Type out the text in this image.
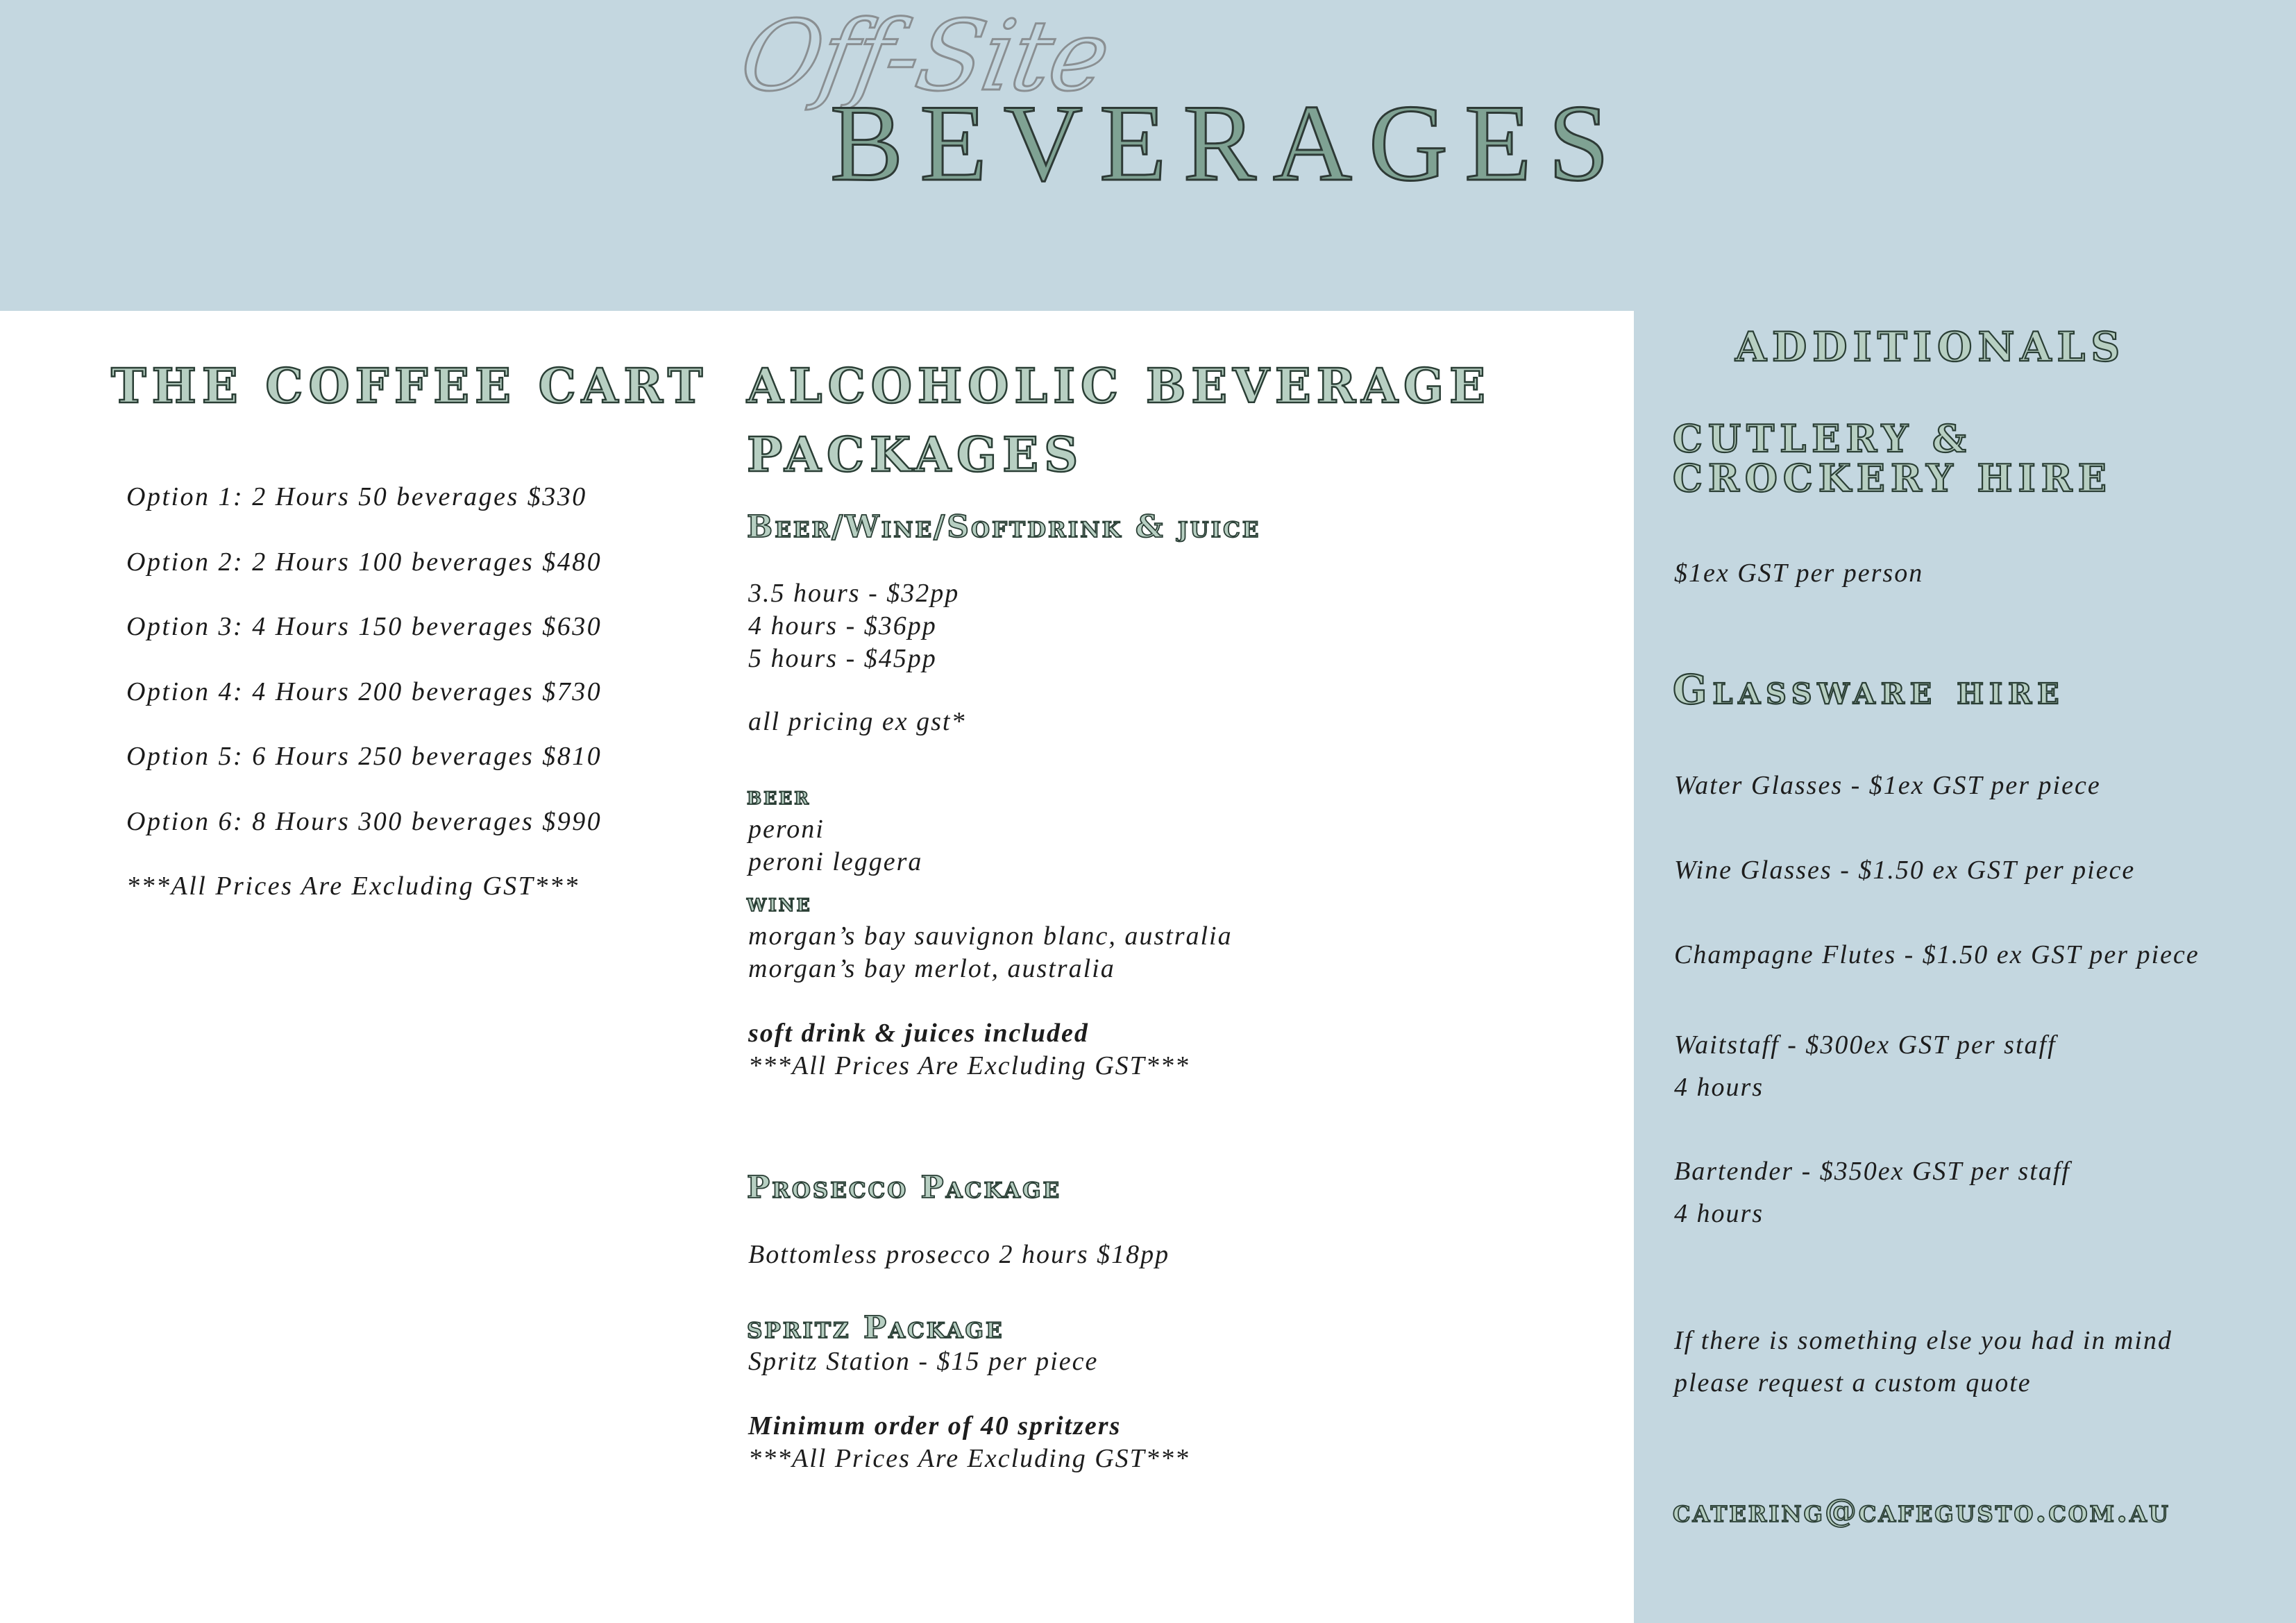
Off-Site
BEVERAGES
THE COFFEE CART
Option 1: 2 Hours 50 beverages $330
Option 2: 2 Hours 100 beverages $480
Option 3: 4 Hours 150 beverages $630
Option 4: 4 Hours 200 beverages $730
Option 5: 6 Hours 250 beverages $810
Option 6: 8 Hours 300 beverages $990
***All Prices Are Excluding GST***
ALCOHOLIC BEVERAGE
PACKAGES
Beer/Wine/Softdrink & juice
3.5 hours - $32pp
4 hours - $36pp
5 hours - $45pp
all pricing ex gst*
beer
peroni
peroni leggera
wine
morgan’s bay sauvignon blanc, australia
morgan’s bay merlot, australia
soft drink & juices included
***All Prices Are Excluding GST***
Prosecco Package
Bottomless prosecco 2 hours $18pp
spritz Package
Spritz Station - $15 per piece
Minimum order of 40 spritzers
***All Prices Are Excluding GST***
ADDITIONALS
CUTLERY &
CROCKERY HIRE
$1ex GST per person
Glassware hire
Water Glasses - $1ex GST per piece
Wine Glasses - $1.50 ex GST per piece
Champagne Flutes - $1.50 ex GST per piece
Waitstaff - $300ex GST per staff
4 hours
Bartender - $350ex GST per staff
4 hours
If there is something else you had in mind
please request a custom quote
catering@cafegusto.com.au
